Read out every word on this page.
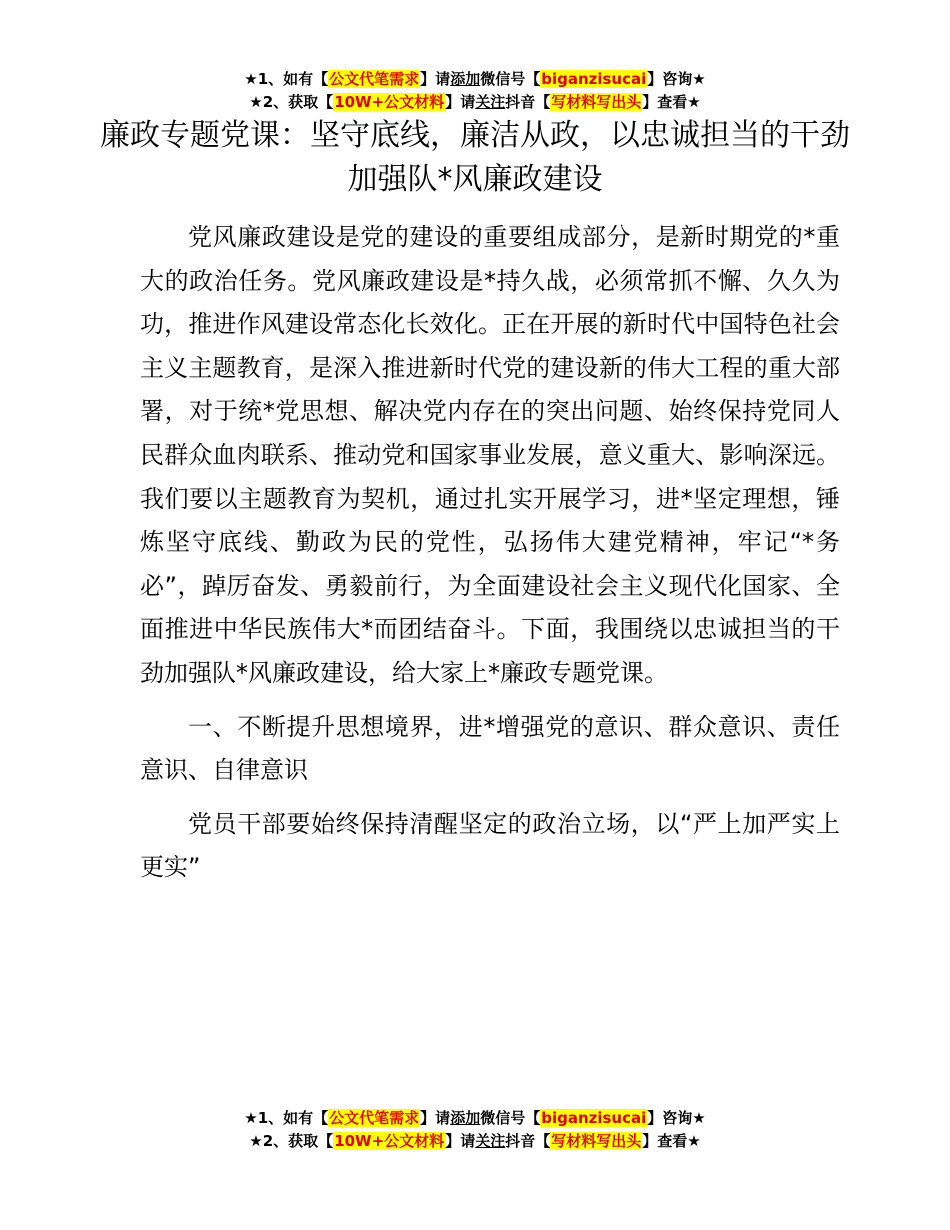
★1、如有【公文代笔需求】请添加微信号【biganzisucai】咨询★
★2、获取【10W+公文材料】请关注抖音【写材料写出头】查看★
廉政专题党课：坚守底线，廉洁从政，以忠诚担当的干劲加强队*风廉政建设

党风廉政建设是党的建设的重要组成部分，是新时期党的*重大的政治任务。党风廉政建设是*持久战，必须常抓不懈、久久为功，推进作风建设常态化长效化。正在开展的新时代中国特色社会主义主题教育，是深入推进新时代党的建设新的伟大工程的重大部署，对于统*党思想、解决党内存在的突出问题、始终保持党同人民群众血肉联系、推动党和国家事业发展，意义重大、影响深远。我们要以主题教育为契机，通过扎实开展学习，进*坚定理想，锤炼坚守底线、勤政为民的党性，弘扬伟大建党精神，牢记“*务必”，踔厉奋发、勇毅前行，为全面建设社会主义现代化国家、全面推进中华民族伟大*而团结奋斗。下面，我围绕以忠诚担当的干劲加强队*风廉政建设，给大家上*廉政专题党课。

一、不断提升思想境界，进*增强党的意识、群众意识、责任意识、自律意识

党员干部要始终保持清醒坚定的政治立场，以“严上加严实上更实”

★1、如有【公文代笔需求】请添加微信号【biganzisucai】咨询★
★2、获取【10W+公文材料】请关注抖音【写材料写出头】查看★
